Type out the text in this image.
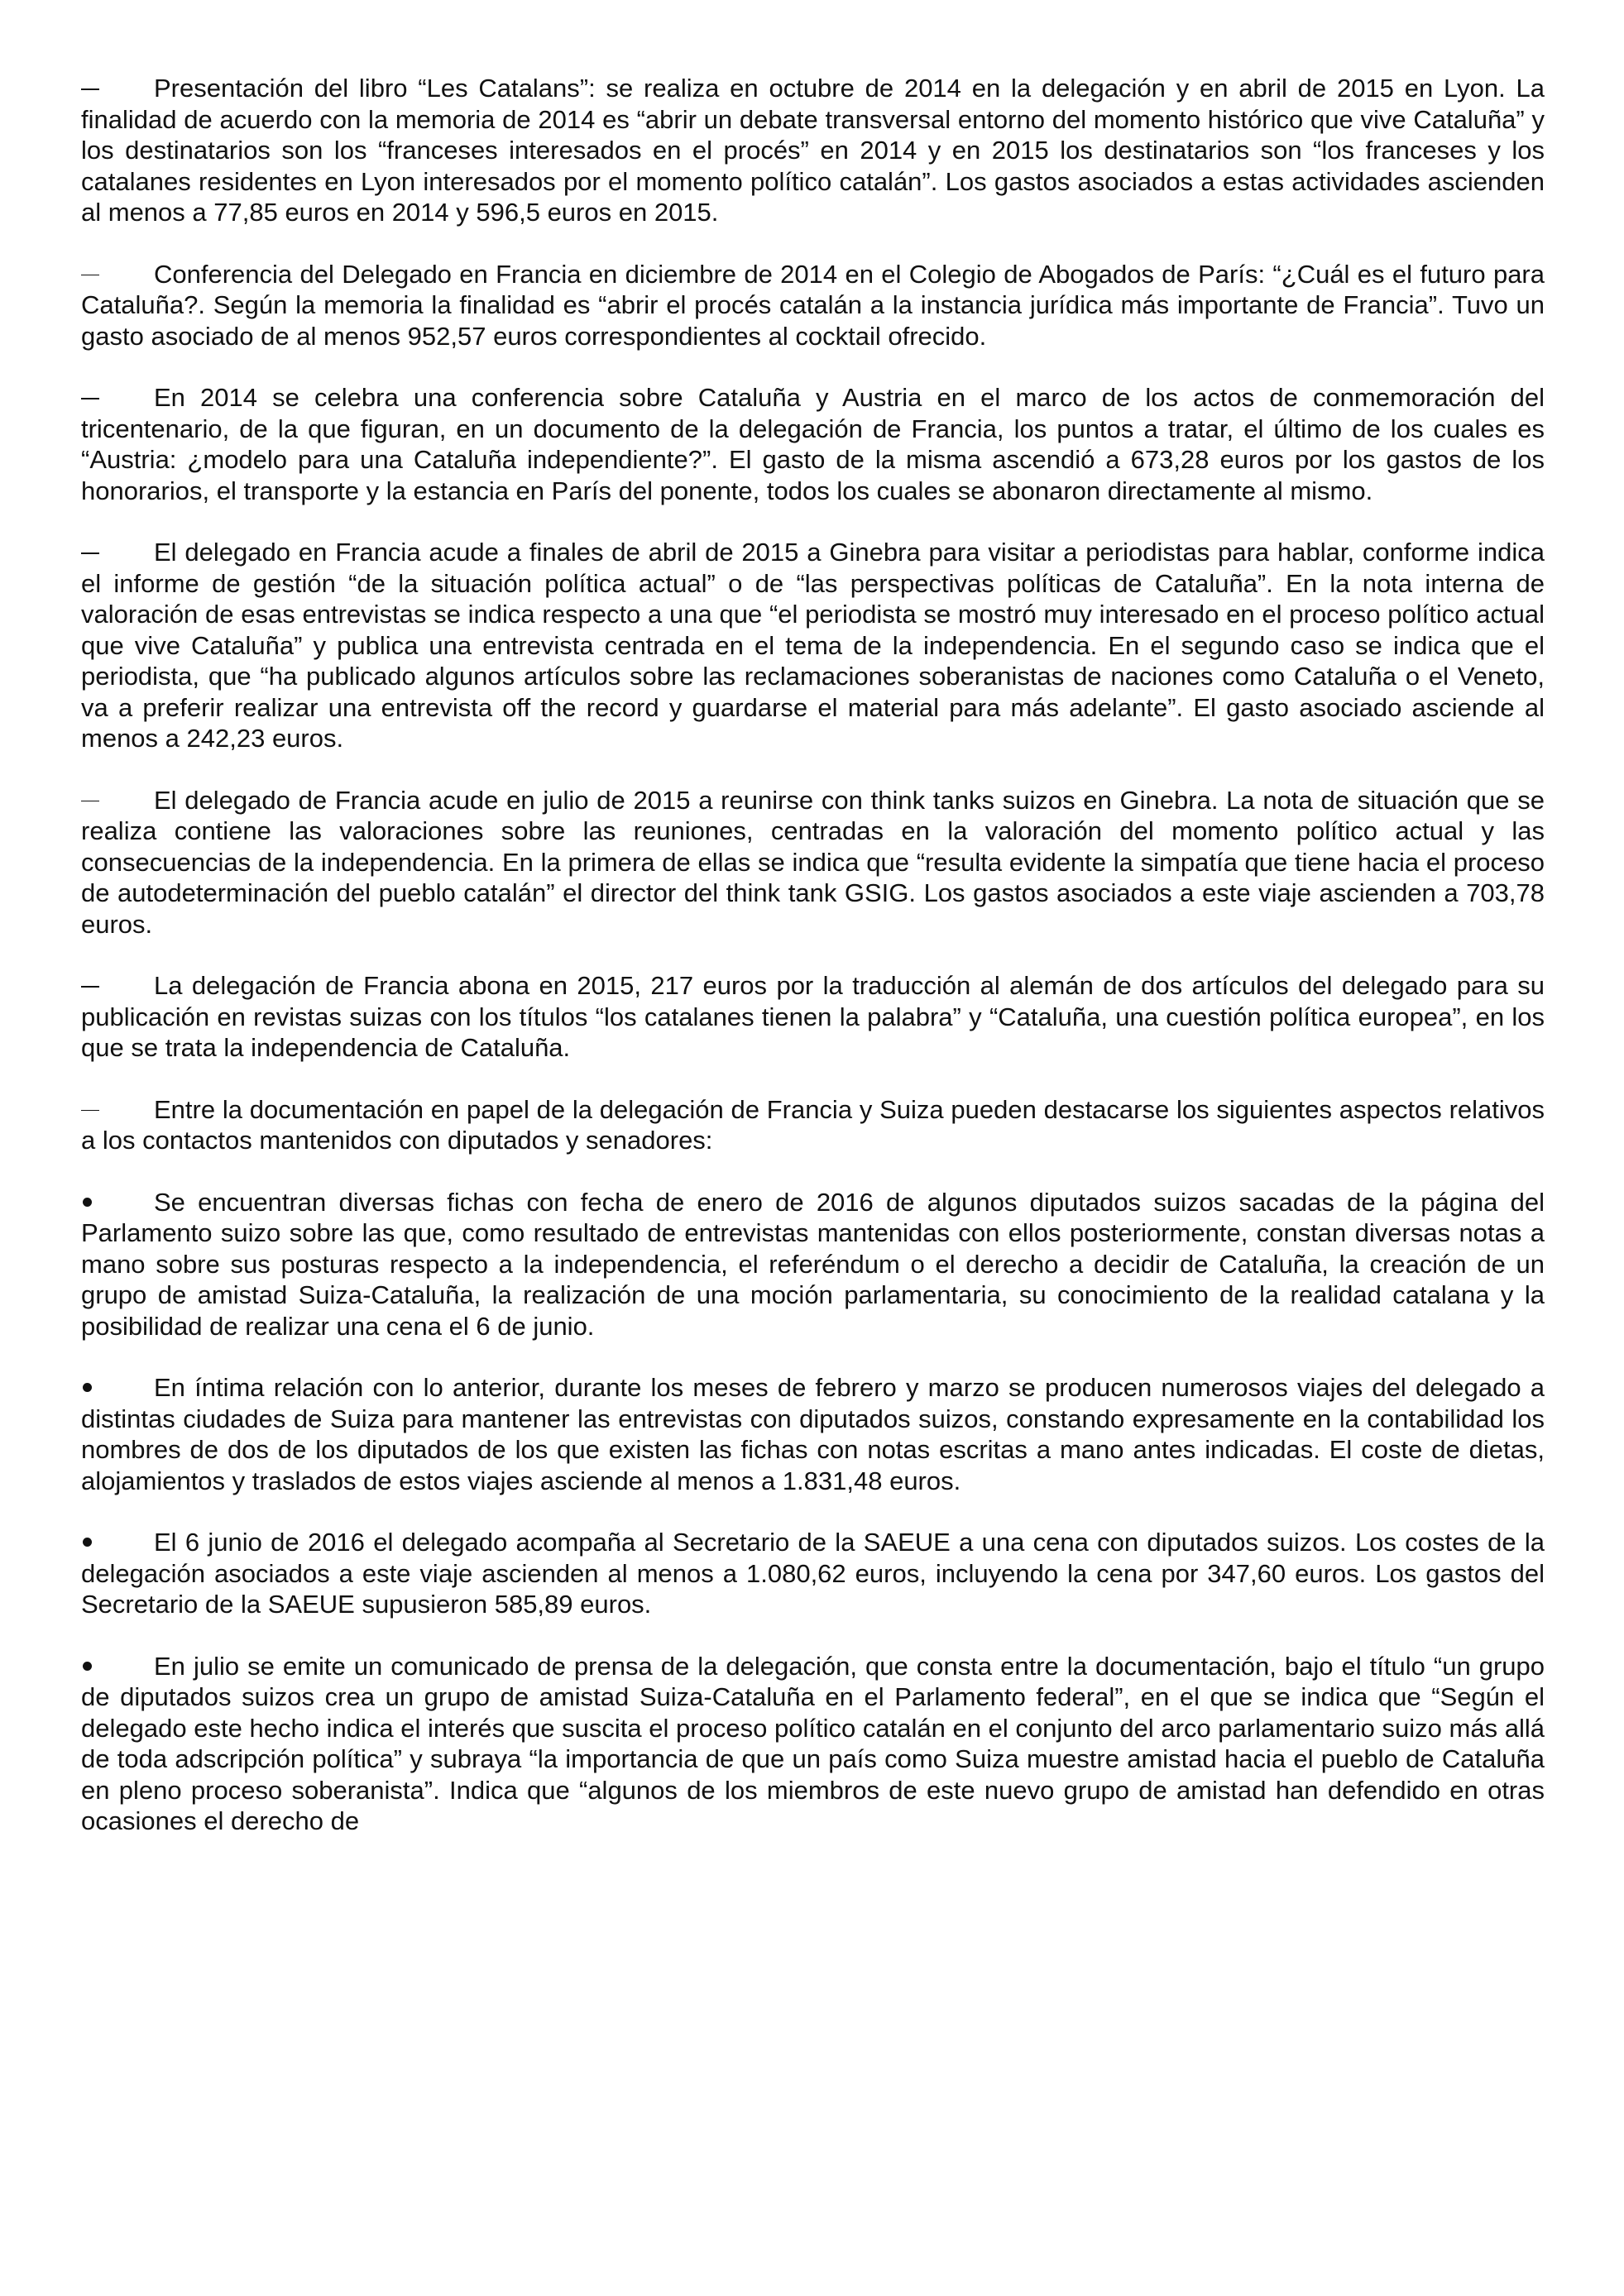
Presentación del libro “Les Catalans”: se realiza en octubre de 2014 en la delegación y en abril de 2015 en Lyon. La finalidad de acuerdo con la memoria de 2014 es “abrir un debate transversal entorno del momento histórico que vive Cataluña” y los destinatarios son los “franceses interesados en el procés” en 2014 y en 2015 los destinatarios son “los franceses y los catalanes residentes en Lyon interesados por el momento político catalán”. Los gastos asociados a estas actividades ascienden al menos a 77,85 euros en 2014 y 596,5 euros en 2015.

Conferencia del Delegado en Francia en diciembre de 2014 en el Colegio de Abogados de París: “¿Cuál es el futuro para Cataluña?. Según la memoria la finalidad es “abrir el procés catalán a la instancia jurídica más importante de Francia”. Tuvo un gasto asociado de al menos 952,57 euros correspondientes al cocktail ofrecido.

En 2014 se celebra una conferencia sobre Cataluña y Austria en el marco de los actos de conmemoración del tricentenario, de la que figuran, en un documento de la delegación de Francia, los puntos a tratar, el último de los cuales es “Austria: ¿modelo para una Cataluña independiente?”. El gasto de la misma ascendió a 673,28 euros por los gastos de los honorarios, el transporte y la estancia en París del ponente, todos los cuales se abonaron directamente al mismo.

El delegado en Francia acude a finales de abril de 2015 a Ginebra para visitar a periodistas para hablar, conforme indica el informe de gestión “de la situación política actual” o de “las perspectivas políticas de Cataluña”. En la nota interna de valoración de esas entrevistas se indica respecto a una que “el periodista se mostró muy interesado en el proceso político actual que vive Cataluña” y publica una entrevista centrada en el tema de la independencia. En el segundo caso se indica que el periodista, que “ha publicado algunos artículos sobre las reclamaciones soberanistas de naciones como Cataluña o el Veneto, va a preferir realizar una entrevista off the record y guardarse el material para más adelante”. El gasto asociado asciende al menos a 242,23 euros.

El delegado de Francia acude en julio de 2015 a reunirse con think tanks suizos en Ginebra. La nota de situación que se realiza contiene las valoraciones sobre las reuniones, centradas en la valoración del momento político actual y las consecuencias de la independencia. En la primera de ellas se indica que “resulta evidente la simpatía que tiene hacia el proceso de autodeterminación del pueblo catalán” el director del think tank GSIG. Los gastos asociados a este viaje ascienden a 703,78 euros.

La delegación de Francia abona en 2015, 217 euros por la traducción al alemán de dos artículos del delegado para su publicación en revistas suizas con los títulos “los catalanes tienen la palabra” y “Cataluña, una cuestión política europea”, en los que se trata la independencia de Cataluña.

Entre la documentación en papel de la delegación de Francia y Suiza pueden destacarse los siguientes aspectos relativos a los contactos mantenidos con diputados y senadores:

Se encuentran diversas fichas con fecha de enero de 2016 de algunos diputados suizos sacadas de la página del Parlamento suizo sobre las que, como resultado de entrevistas mantenidas con ellos posteriormente, constan diversas notas a mano sobre sus posturas respecto a la independencia, el referéndum o el derecho a decidir de Cataluña, la creación de un grupo de amistad Suiza-Cataluña, la realización de una moción parlamentaria, su conocimiento de la realidad catalana y la posibilidad de realizar una cena el 6 de junio.

En íntima relación con lo anterior, durante los meses de febrero y marzo se producen numerosos viajes del delegado a distintas ciudades de Suiza para mantener las entrevistas con diputados suizos, constando expresamente en la contabilidad los nombres de dos de los diputados de los que existen las fichas con notas escritas a mano antes indicadas. El coste de dietas, alojamientos y traslados de estos viajes asciende al menos a 1.831,48 euros.

El 6 junio de 2016 el delegado acompaña al Secretario de la SAEUE a una cena con diputados suizos. Los costes de la delegación asociados a este viaje ascienden al menos a 1.080,62 euros, incluyendo la cena por 347,60 euros. Los gastos del Secretario de la SAEUE supusieron 585,89 euros.

En julio se emite un comunicado de prensa de la delegación, que consta entre la documentación, bajo el título “un grupo de diputados suizos crea un grupo de amistad Suiza-Cataluña en el Parlamento federal”, en el que se indica que “Según el delegado este hecho indica el interés que suscita el proceso político catalán en el conjunto del arco parlamentario suizo más allá de toda adscripción política” y subraya “la importancia de que un país como Suiza muestre amistad hacia el pueblo de Cataluña en pleno proceso soberanista”. Indica que “algunos de los miembros de este nuevo grupo de amistad han defendido en otras ocasiones el derecho de
